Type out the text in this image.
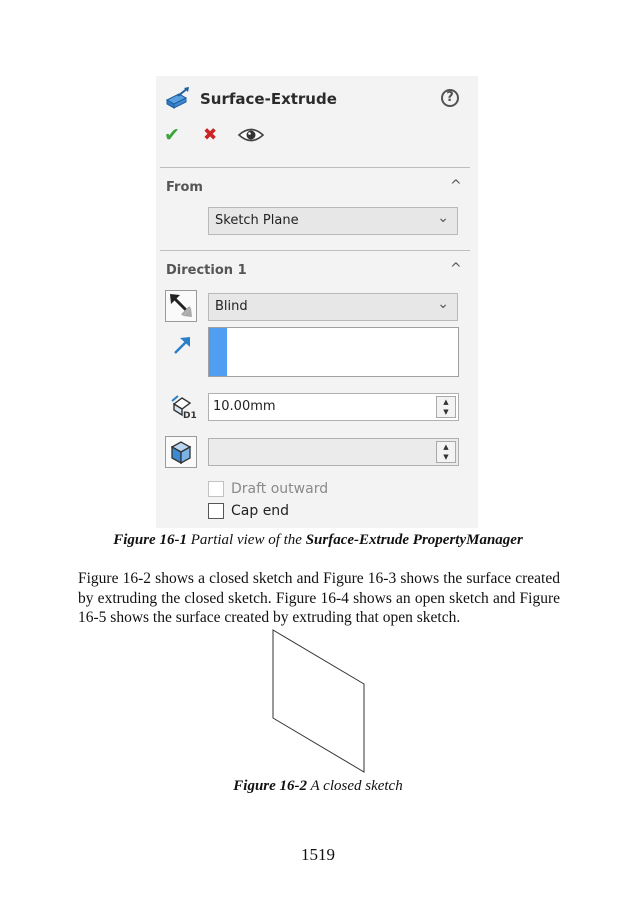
Surface-Extrude	?
✔ ✖
From	^
Sketch Plane	⌄
Direction 1	^
Blind	⌄
D1
10.00mm	▲
▼
▲
▼
Draft outward
Cap end
Figure 16-1 Partial view of the Surface-Extrude PropertyManager
Figure 16-2 shows a closed sketch and Figure 16-3 shows the surface created by extruding the closed sketch. Figure 16-4 shows an open sketch and Figure 16-5 shows the surface created by extruding that open sketch.
Figure 16-2 A closed sketch
1519
